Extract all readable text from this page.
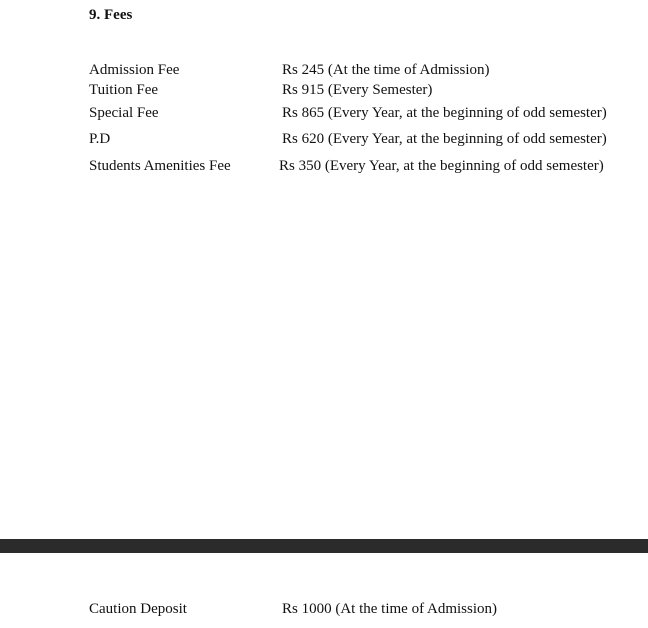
9. Fees
Admission Fee	Rs 245 (At the time of Admission)
Tuition Fee	Rs 915 (Every Semester)
Special Fee	Rs 865 (Every Year, at the beginning of odd semester)
P.D	Rs 620 (Every Year, at the beginning of odd semester)
Students Amenities Fee	Rs 350 (Every Year, at the beginning of odd semester)
Caution Deposit	Rs 1000 (At the time of Admission)
